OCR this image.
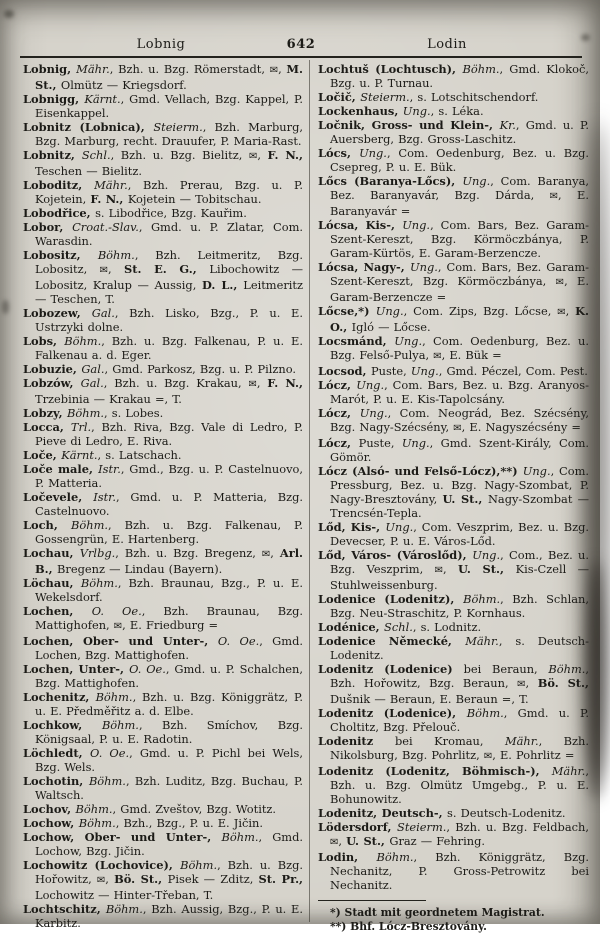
Lobnig	642	Lodin
Lobnig, Mähr., Bzh. u. Bzg. Römerstadt, ✉, M. St., Olmütz — Kriegsdorf.
Lobnigg, Kärnt., Gmd. Vellach, Bzg. Kappel, P. Eisenkappel.
Lobnitz (Lobnica), Steierm., Bzh. Marburg, Bzg. Marburg, recht. Drauufer, P. Maria-Rast.
Lobnitz, Schl., Bzh. u. Bzg. Bielitz, ✉, F. N., Teschen — Bielitz.
Loboditz, Mähr., Bzh. Prerau, Bzg. u. P. Kojetein, F. N., Kojetein — Tobitschau.
Lobodřice, s. Libodřice, Bzg. Kauřim.
Lobor, Croat.-Slav., Gmd. u. P. Zlatar, Com. Warasdin.
Lobositz, Böhm., Bzh. Leitmeritz, Bzg. Lobositz, ✉, St. E. G., Libochowitz — Lobositz, Kralup — Aussig, D. L., Leitmeritz — Teschen, T.
Lobozew, Gal., Bzh. Lisko, Bzg., P. u. E. Ustrzyki dolne.
Lobs, Böhm., Bzh. u. Bzg. Falkenau, P. u. E. Falkenau a. d. Eger.
Lobuzie, Gal., Gmd. Parkosz, Bzg. u. P. Pilzno.
Lobzów, Gal., Bzh. u. Bzg. Krakau, ✉, F. N., Trzebinia — Krakau =, T.
Lobzy, Böhm., s. Lobes.
Locca, Trl., Bzh. Riva, Bzg. Vale di Ledro, P. Pieve di Ledro, E. Riva.
Loče, Kärnt., s. Latschach.
Loče male, Istr., Gmd., Bzg. u. P. Castelnuovo, P. Matteria.
Ločevele, Istr., Gmd. u. P. Matteria, Bzg. Castelnuovo.
Loch, Böhm., Bzh. u. Bzg. Falkenau, P. Gossengrün, E. Hartenberg.
Lochau, Vrlbg., Bzh. u. Bzg. Bregenz, ✉, Arl. B., Bregenz — Lindau (Bayern).
Löchau, Böhm., Bzh. Braunau, Bzg., P. u. E. Wekelsdorf.
Lochen, O. Oe., Bzh. Braunau, Bzg. Mattighofen, ✉, E. Friedburg =
Lochen, Ober- und Unter-, O. Oe., Gmd. Lochen, Bzg. Mattighofen.
Lochen, Unter-, O. Oe., Gmd. u. P. Schalchen, Bzg. Mattighofen.
Lochenitz, Böhm., Bzh. u. Bzg. Königgrätz, P. u. E. Předměřitz a. d. Elbe.
Lochkow, Böhm., Bzh. Smíchov, Bzg. Königsaal, P. u. E. Radotin.
Löchledt, O. Oe., Gmd. u. P. Pichl bei Wels, Bzg. Wels.
Lochotin, Böhm., Bzh. Luditz, Bzg. Buchau, P. Waltsch.
Lochov, Böhm., Gmd. Zveštov, Bzg. Wotitz.
Lochow, Böhm., Bzh., Bzg., P. u. E. Jičin.
Lochow, Ober- und Unter-, Böhm., Gmd. Lochow, Bzg. Jičin.
Lochowitz (Lochovice), Böhm., Bzh. u. Bzg. Hořowitz, ✉, Bö. St., Pisek — Zditz, St. Pr., Lochowitz — Hinter-Třeban, T.
Lochtschitz, Böhm., Bzh. Aussig, Bzg., P. u. E. Karbitz.
Lochtuš (Lochtusch), Böhm., Gmd. Klokoč, Bzg. u. P. Turnau.
Ločič, Steierm., s. Lotschitschendorf.
Lockenhaus, Ung., s. Léka.
Ločnik, Gross- und Klein-, Kr., Gmd. u. P. Auersberg, Bzg. Gross-Laschitz.
Lócs, Ung., Com. Oedenburg, Bez. u. Bzg. Csepreg, P. u. E. Bük.
Lőcs (Baranya-Lőcs), Ung., Com. Baranya, Bez. Baranyavár, Bzg. Dárda, ✉, E. Baranyavár =
Lócsa, Kis-, Ung., Com. Bars, Bez. Garam-Szent-Kereszt, Bzg. Körmöczbánya, P. Garam-Kürtös, E. Garam-Berzencze.
Lócsa, Nagy-, Ung., Com. Bars, Bez. Garam-Szent-Kereszt, Bzg. Körmöczbánya, ✉, E. Garam-Berzencze =
Lőcse,*) Ung., Com. Zips, Bzg. Lőcse, ✉, K. O., Igló — Lőcse.
Locsmánd, Ung., Com. Oedenburg, Bez. u. Bzg. Felső-Pulya, ✉, E. Bük =
Locsod, Puste, Ung., Gmd. Péczel, Com. Pest.
Lócz, Ung., Com. Bars, Bez. u. Bzg. Aranyos-Marót, P. u. E. Kis-Tapolcsány.
Lócz, Ung., Com. Neográd, Bez. Szécsény, Bzg. Nagy-Szécsény, ✉, E. Nagyszécsény =
Lócz, Puste, Ung., Gmd. Szent-Király, Com. Gömör.
Lócz (Alsó- und Felső-Lócz),**) Ung., Com. Pressburg, Bez. u. Bzg. Nagy-Szombat, P. Nagy-Bresztovány, U. St., Nagy-Szombat — Trencsén-Tepla.
Lőd, Kis-, Ung., Com. Veszprim, Bez. u. Bzg. Devecser, P. u. E. Város-Lőd.
Lőd, Város- (Városlőd), Ung., Com., Bez. u. Bzg. Veszprim, ✉, U. St., Kis-Czell — Stuhlweissenburg.
Lodenice (Lodenitz), Böhm., Bzh. Schlan, Bzg. Neu-Straschitz, P. Kornhaus.
Lodénice, Schl., s. Lodnitz.
Lodenice Německé, Mähr., s. Deutsch-Lodenitz.
Lodenitz (Lodenice) bei Beraun, Böhm., Bzh. Hořowitz, Bzg. Beraun, ✉, Bö. St., Dušnik — Beraun, E. Beraun =, T.
Lodenitz (Lodenice), Böhm., Gmd. u. P. Choltitz, Bzg. Přelouč.
Lodenitz bei Kromau, Mähr., Bzh. Nikolsburg, Bzg. Pohrlitz, ✉, E. Pohrlitz =
Lodenitz (Lodenitz, Böhmisch-), Mähr., Bzh. u. Bzg. Olmütz Umgebg., P. u. E. Bohunowitz.
Lodenitz, Deutsch-, s. Deutsch-Lodenitz.
Lödersdorf, Steierm., Bzh. u. Bzg. Feldbach, ✉, U. St., Graz — Fehring.
Lodin, Böhm., Bzh. Königgrätz, Bzg. Nechanitz, P. Gross-Petrowitz bei Nechanitz.
*) Stadt mit geordnetem Magistrat.
**) Bhf. Lócz-Bresztovány.
